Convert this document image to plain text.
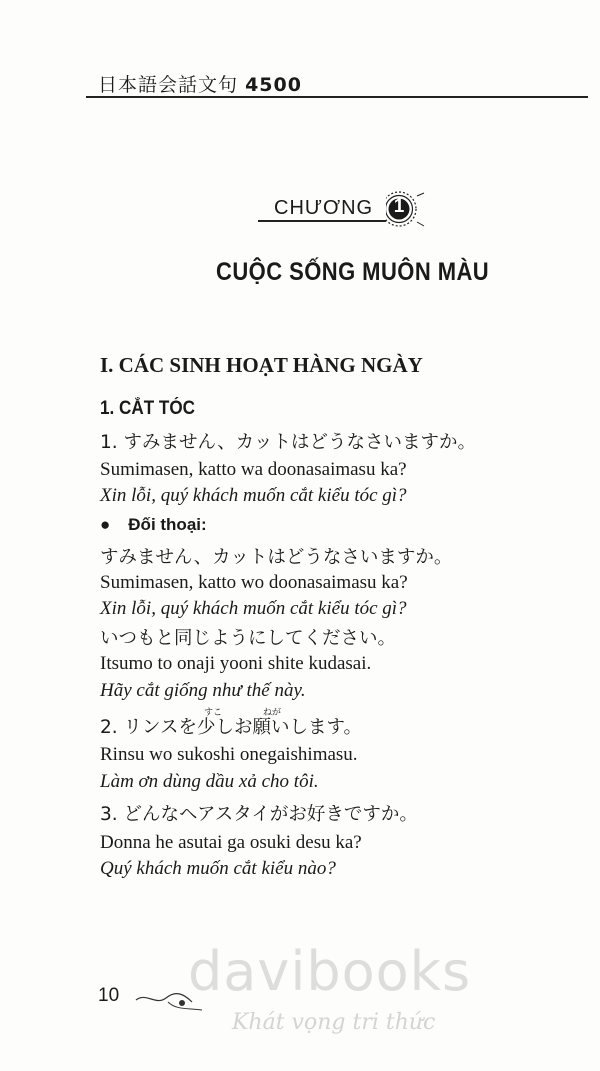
日本語会話文句 4500
CHƯƠNG	1
CUỘC SỐNG MUÔN MÀU
I. CÁC SINH HOẠT HÀNG NGÀY
1. CẮT TÓC
1. すみません、カットはどうなさいますか。
Sumimasen, katto wa doonasaimasu ka?
Xin lỗi, quý khách muốn cắt kiểu tóc gì?
● Đối thoại:
すみません、カットはどうなさいますか。
Sumimasen, katto wo doonasaimasu ka?
Xin lỗi, quý khách muốn cắt kiểu tóc gì?
いつもと同じようにしてください。
Itsumo to onaji yooni shite kudasai.
Hãy cắt giống như thế này.
すこ	ねが
2. リンスを少しお願いします。
Rinsu wo sukoshi onegaishimasu.
Làm ơn dùng dầu xả cho tôi.
3. どんなヘアスタイがお好きですか。
Donna he asutai ga osuki desu ka?
Quý khách muốn cắt kiểu nào?
davibooks
Khát vọng tri thức
10
